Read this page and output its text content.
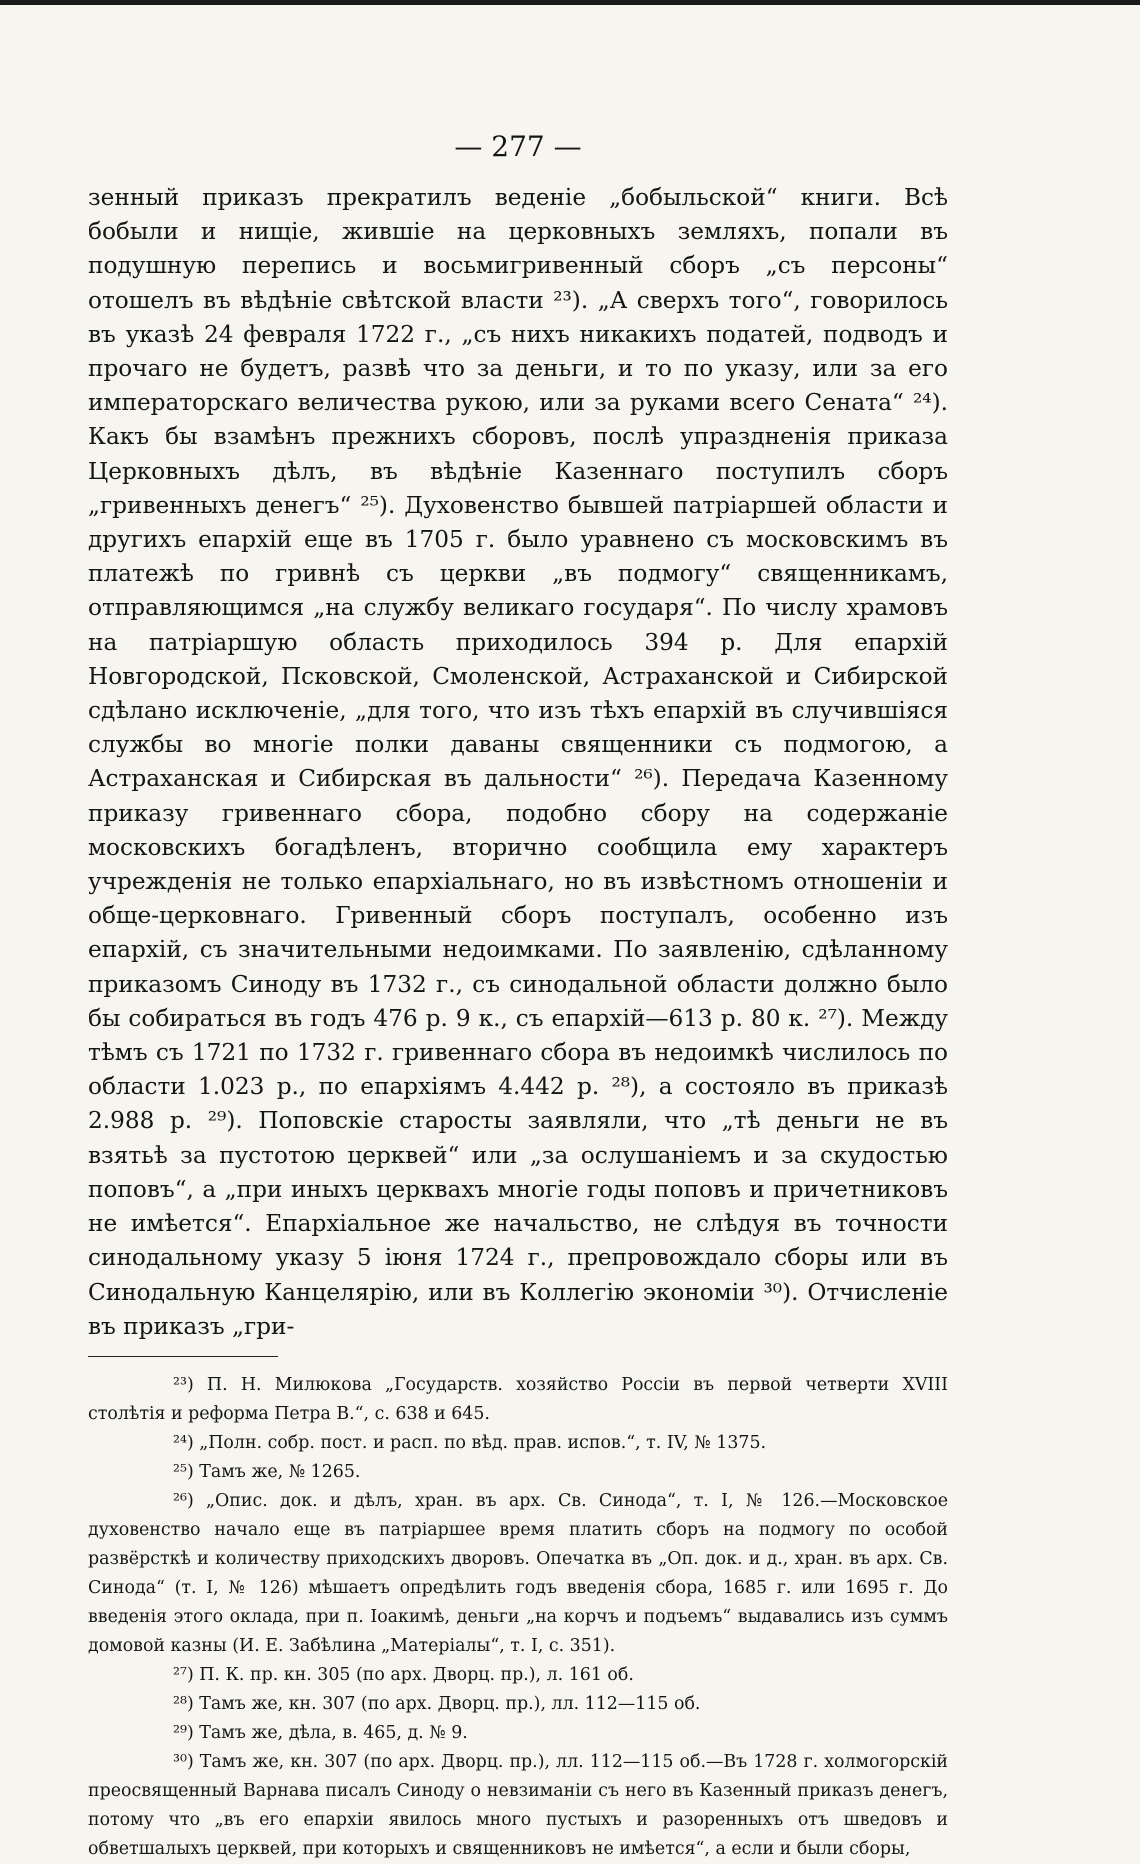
— 277 —

зенный приказъ прекратилъ веденіе „бобыльской“ книги. Всѣ бобыли и нищіе, жившіе на церковныхъ земляхъ, попали въ подушную перепись и восьмигривенный сборъ „съ персоны“ отошелъ въ вѣдѣніе свѣтской власти ²³). „А сверхъ того“, говорилось въ указѣ 24 февраля 1722 г., „съ нихъ никакихъ податей, подводъ и прочаго не будетъ, развѣ что за деньги, и то по указу, или за его императорскаго величества рукою, или за руками всего Сената“ ²⁴). Какъ бы взамѣнъ прежнихъ сборовъ, послѣ упраздненія приказа Церковныхъ дѣлъ, въ вѣдѣніе Казеннаго поступилъ сборъ „гривенныхъ денегъ“ ²⁵). Духовенство бывшей патріаршей области и другихъ епархій еще въ 1705 г. было уравнено съ московскимъ въ платежѣ по гривнѣ съ церкви „въ подмогу“ священникамъ, отправляющимся „на службу великаго государя“. По числу храмовъ на патріаршую область приходилось 394 р. Для епархій Новгородской, Псковской, Смоленской, Астраханской и Сибирской сдѣлано исключеніе, „для того, что изъ тѣхъ епархій въ случившіяся службы во многіе полки даваны священники съ подмогою, а Астраханская и Сибирская въ дальности“ ²⁶). Передача Казенному приказу гривеннаго сбора, подобно сбору на содержаніе московскихъ богадѣленъ, вторично сообщила ему характеръ учрежденія не только епархіальнаго, но въ извѣстномъ отношеніи и обще-церковнаго. Гривенный сборъ поступалъ, особенно изъ епархій, съ значительными недоимками. По заявленію, сдѣланному приказомъ Синоду въ 1732 г., съ синодальной области должно было бы собираться въ годъ 476 р. 9 к., съ епархій—613 р. 80 к. ²⁷). Между тѣмъ съ 1721 по 1732 г. гривеннаго сбора въ недоимкѣ числилось по области 1.023 р., по епархіямъ 4.442 р. ²⁸), а состояло въ приказѣ 2.988 р. ²⁹). Поповскіе старосты заявляли, что „тѣ деньги не въ взятьѣ за пустотою церквей“ или „за ослушаніемъ и за скудостью поповъ“, а „при иныхъ церквахъ многіе годы поповъ и причетниковъ не имѣется“. Епархіальное же начальство, не слѣдуя въ точности синодальному указу 5 іюня 1724 г., препровождало сборы или въ Синодальную Канцелярію, или въ Коллегію экономіи ³⁰). Отчисленіе въ приказъ „гри-

²³) П. Н. Милюкова „Государств. хозяйство Россіи въ первой четверти XVIII столѣтія и реформа Петра В.“, с. 638 и 645.

²⁴) „Полн. собр. пост. и расп. по вѣд. прав. испов.“, т. IV, № 1375.

²⁵) Тамъ же, № 1265.

²⁶) „Опис. док. и дѣлъ, хран. въ арх. Св. Синода“, т. I, № 126.—Московское духовенство начало еще въ патріаршее время платить сборъ на подмогу по особой развёрсткѣ и количеству приходскихъ дворовъ. Опечатка въ „Оп. док. и д., хран. въ арх. Св. Синода“ (т. I, № 126) мѣшаетъ опредѣлить годъ введенія сбора, 1685 г. или 1695 г. До введенія этого оклада, при п. Іоакимѣ, деньги „на корчъ и подъемъ“ выдавались изъ суммъ домовой казны (И. Е. Забѣлина „Матеріалы“, т. I, с. 351).

²⁷) П. К. пр. кн. 305 (по арх. Дворц. пр.), л. 161 об.

²⁸) Тамъ же, кн. 307 (по арх. Дворц. пр.), лл. 112—115 об.

²⁹) Тамъ же, дѣла, в. 465, д. № 9.

³⁰) Тамъ же, кн. 307 (по арх. Дворц. пр.), лл. 112—115 об.—Въ 1728 г. холмогорскій преосвященный Варнава писалъ Синоду о невзиманіи съ него въ Казенный приказъ денегъ, потому что „въ его епархіи явилось много пустыхъ и разоренныхъ отъ шведовъ и обветшалыхъ церквей, при которыхъ и священниковъ не имѣется“, а если и были сборы,
